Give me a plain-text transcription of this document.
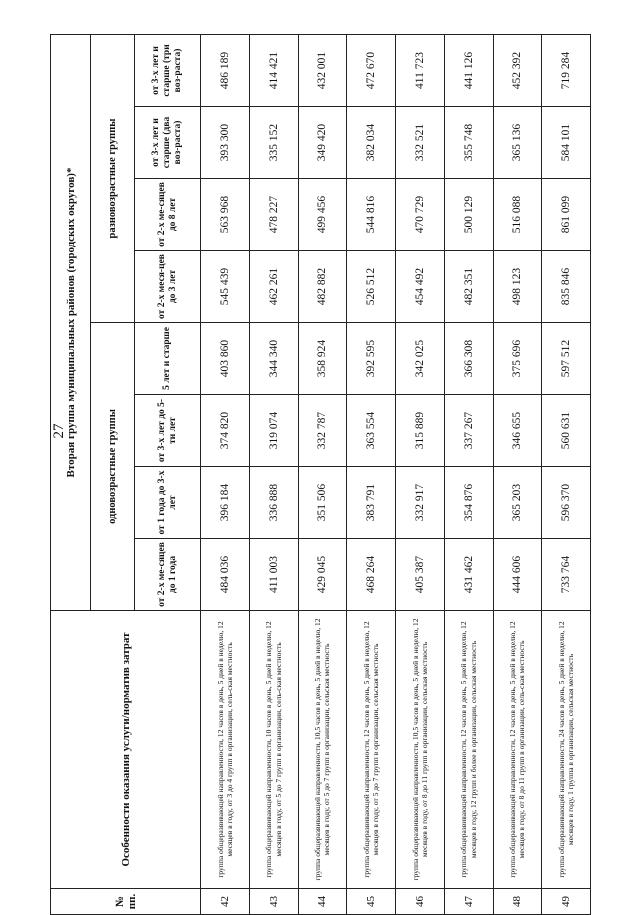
27
№ пп.	Особенности оказания услуги/норматив затрат	Вторая группа муниципальных районов (городских округов)*							
		одновозрастные группы				разновозрастные группы			
		от 2-х ме-сяцев до 1 года	от 1 года до 3-х лет	от 3-х лет до 5-ти лет	5 лет и старше	от 2-х меся-цев до 3 лет	от 2-х ме-сяцев до 8 лет	от 3-х лет и старше (два воз-раста)	от 3-х лет и старше (три воз-раста)
42	группа общеразвивающей направленности, 12 часов в день, 5 дней в неделю, 12 месяцев в году, от 3 до 4 групп в организации, сель-ская местность	484 036	396 184	374 820	403 860	545 439	563 968	393 300	486 189
43	группа общеразвивающей направленности, 10 часов в день, 5 дней в неделю, 12 месяцев в году, от 5 до 7 групп в организации, сель-ская местность	411 003	336 888	319 074	344 340	462 261	478 227	335 152	414 421
44	группа общеразвивающей направленности, 10,5 часов в день, 5 дней в неделю, 12 месяцев в году, от 5 до 7 групп в организации, сельская местность	429 045	351 506	332 787	358 924	482 882	499 456	349 420	432 001
45	группа общеразвивающей направленности, 12 часов в день, 5 дней в неделю, 12 месяцев в году, от 5 до 7 групп в организации, сельская местность	468 264	383 791	363 554	392 595	526 512	544 816	382 034	472 670
46	группа общеразвивающей направленности, 10,5 часов в день, 5 дней в неделю, 12 месяцев в году, от 8 до 11 групп в организации, сельская местность	405 387	332 917	315 889	342 025	454 492	470 729	332 521	411 723
47	группа общеразвивающей направленности, 12 часов в день, 5 дней в неделю, 12 месяцев в году, 12 групп и более в организации, сельская местность	431 462	354 876	337 267	366 308	482 351	500 129	355 748	441 126
48	группа общеразвивающей направленности, 12 часов в день, 5 дней в неделю, 12 месяцев в году, от 8 до 11 групп в организации, сель-ская местность	444 606	365 203	346 655	375 696	498 123	516 088	365 136	452 392
49	группа общеразвивающей направленности, 24 часов в день, 5 дней в неделю, 12 месяцев в году, 1 группа в организации, сельская местность	733 764	596 370	560 631	597 512	835 846	861 099	584 101	719 284
